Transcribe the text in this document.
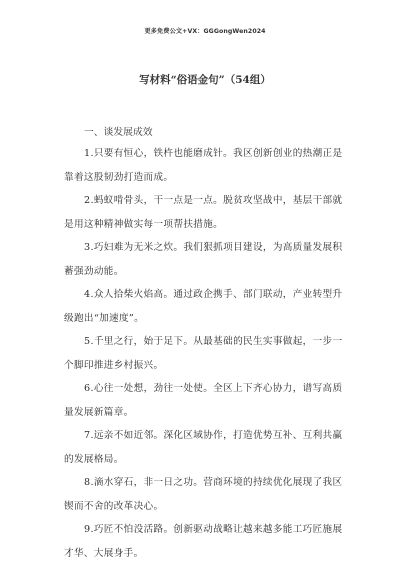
更多免费公文+VX：GGGongWen2024
写材料“俗语金句”（54组）
一、谈发展成效

1.只要有恒心，铁杵也能磨成针。我区创新创业的热潮正是靠着这股韧劲打造而成。

2.蚂蚁啃骨头，干一点是一点。脱贫攻坚战中，基层干部就是用这种精神做实每一项帮扶措施。

3.巧妇难为无米之炊。我们狠抓项目建设，为高质量发展积蓄强劲动能。

4.众人拾柴火焰高。通过政企携手、部门联动，产业转型升级跑出“加速度”。

5.千里之行，始于足下。从最基础的民生实事做起，一步一个脚印推进乡村振兴。

6.心往一处想，劲往一处使。全区上下齐心协力，谱写高质量发展新篇章。

7.远亲不如近邻。深化区域协作，打造优势互补、互利共赢的发展格局。

8.滴水穿石，非一日之功。营商环境的持续优化展现了我区锲而不舍的改革决心。

9.巧匠不怕没活路。创新驱动战略让越来越多能工巧匠施展才华、大展身手。
